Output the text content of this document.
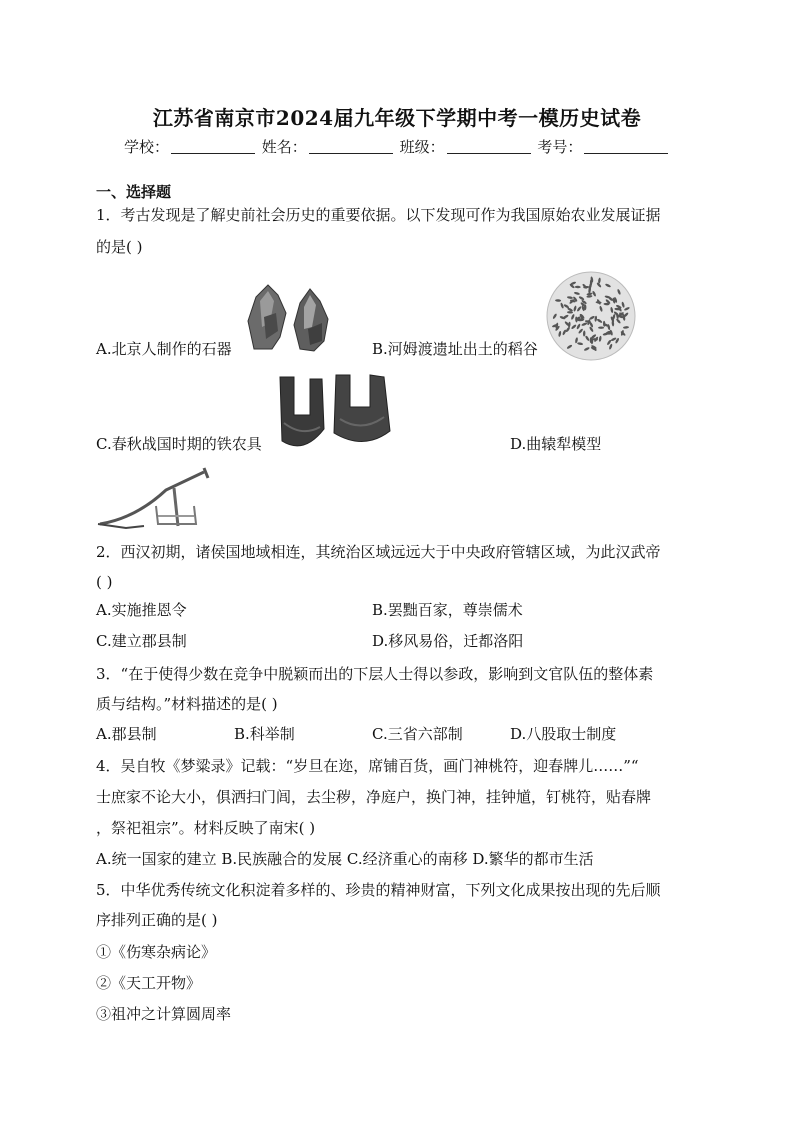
江苏省南京市2024届九年级下学期中考一模历史试卷
学校：	姓名：	班级：	考号：
一、选择题
1．考古发现是了解史前社会历史的重要依据。以下发现可作为我国原始农业发展证据
的是( )
A.北京人制作的石器	B.河姆渡遗址出土的稻谷
C.春秋战国时期的铁农具	D.曲辕犁模型
2．西汉初期，诸侯国地域相连，其统治区域远远大于中央政府管辖区域，为此汉武帝
( )
A.实施推恩令	B.罢黜百家，尊崇儒术
C.建立郡县制	D.移风易俗，迁都洛阳
3．“在于使得少数在竞争中脱颖而出的下层人士得以参政，影响到文官队伍的整体素
质与结构。”材料描述的是( )
A.郡县制	B.科举制	C.三省六部制	D.八股取士制度
4．吴自牧《梦粱录》记载：“岁旦在迩，席铺百货，画门神桃符，迎春牌儿……”“
士庶家不论大小，俱洒扫门闾，去尘秽，净庭户，换门神，挂钟馗，钉桃符，贴春牌
，祭祀祖宗”。材料反映了南宋( )
A.统一国家的建立 B.民族融合的发展 C.经济重心的南移 D.繁华的都市生活
5．中华优秀传统文化积淀着多样的、珍贵的精神财富，下列文化成果按出现的先后顺
序排列正确的是( )
①《伤寒杂病论》
②《天工开物》
③祖冲之计算圆周率
